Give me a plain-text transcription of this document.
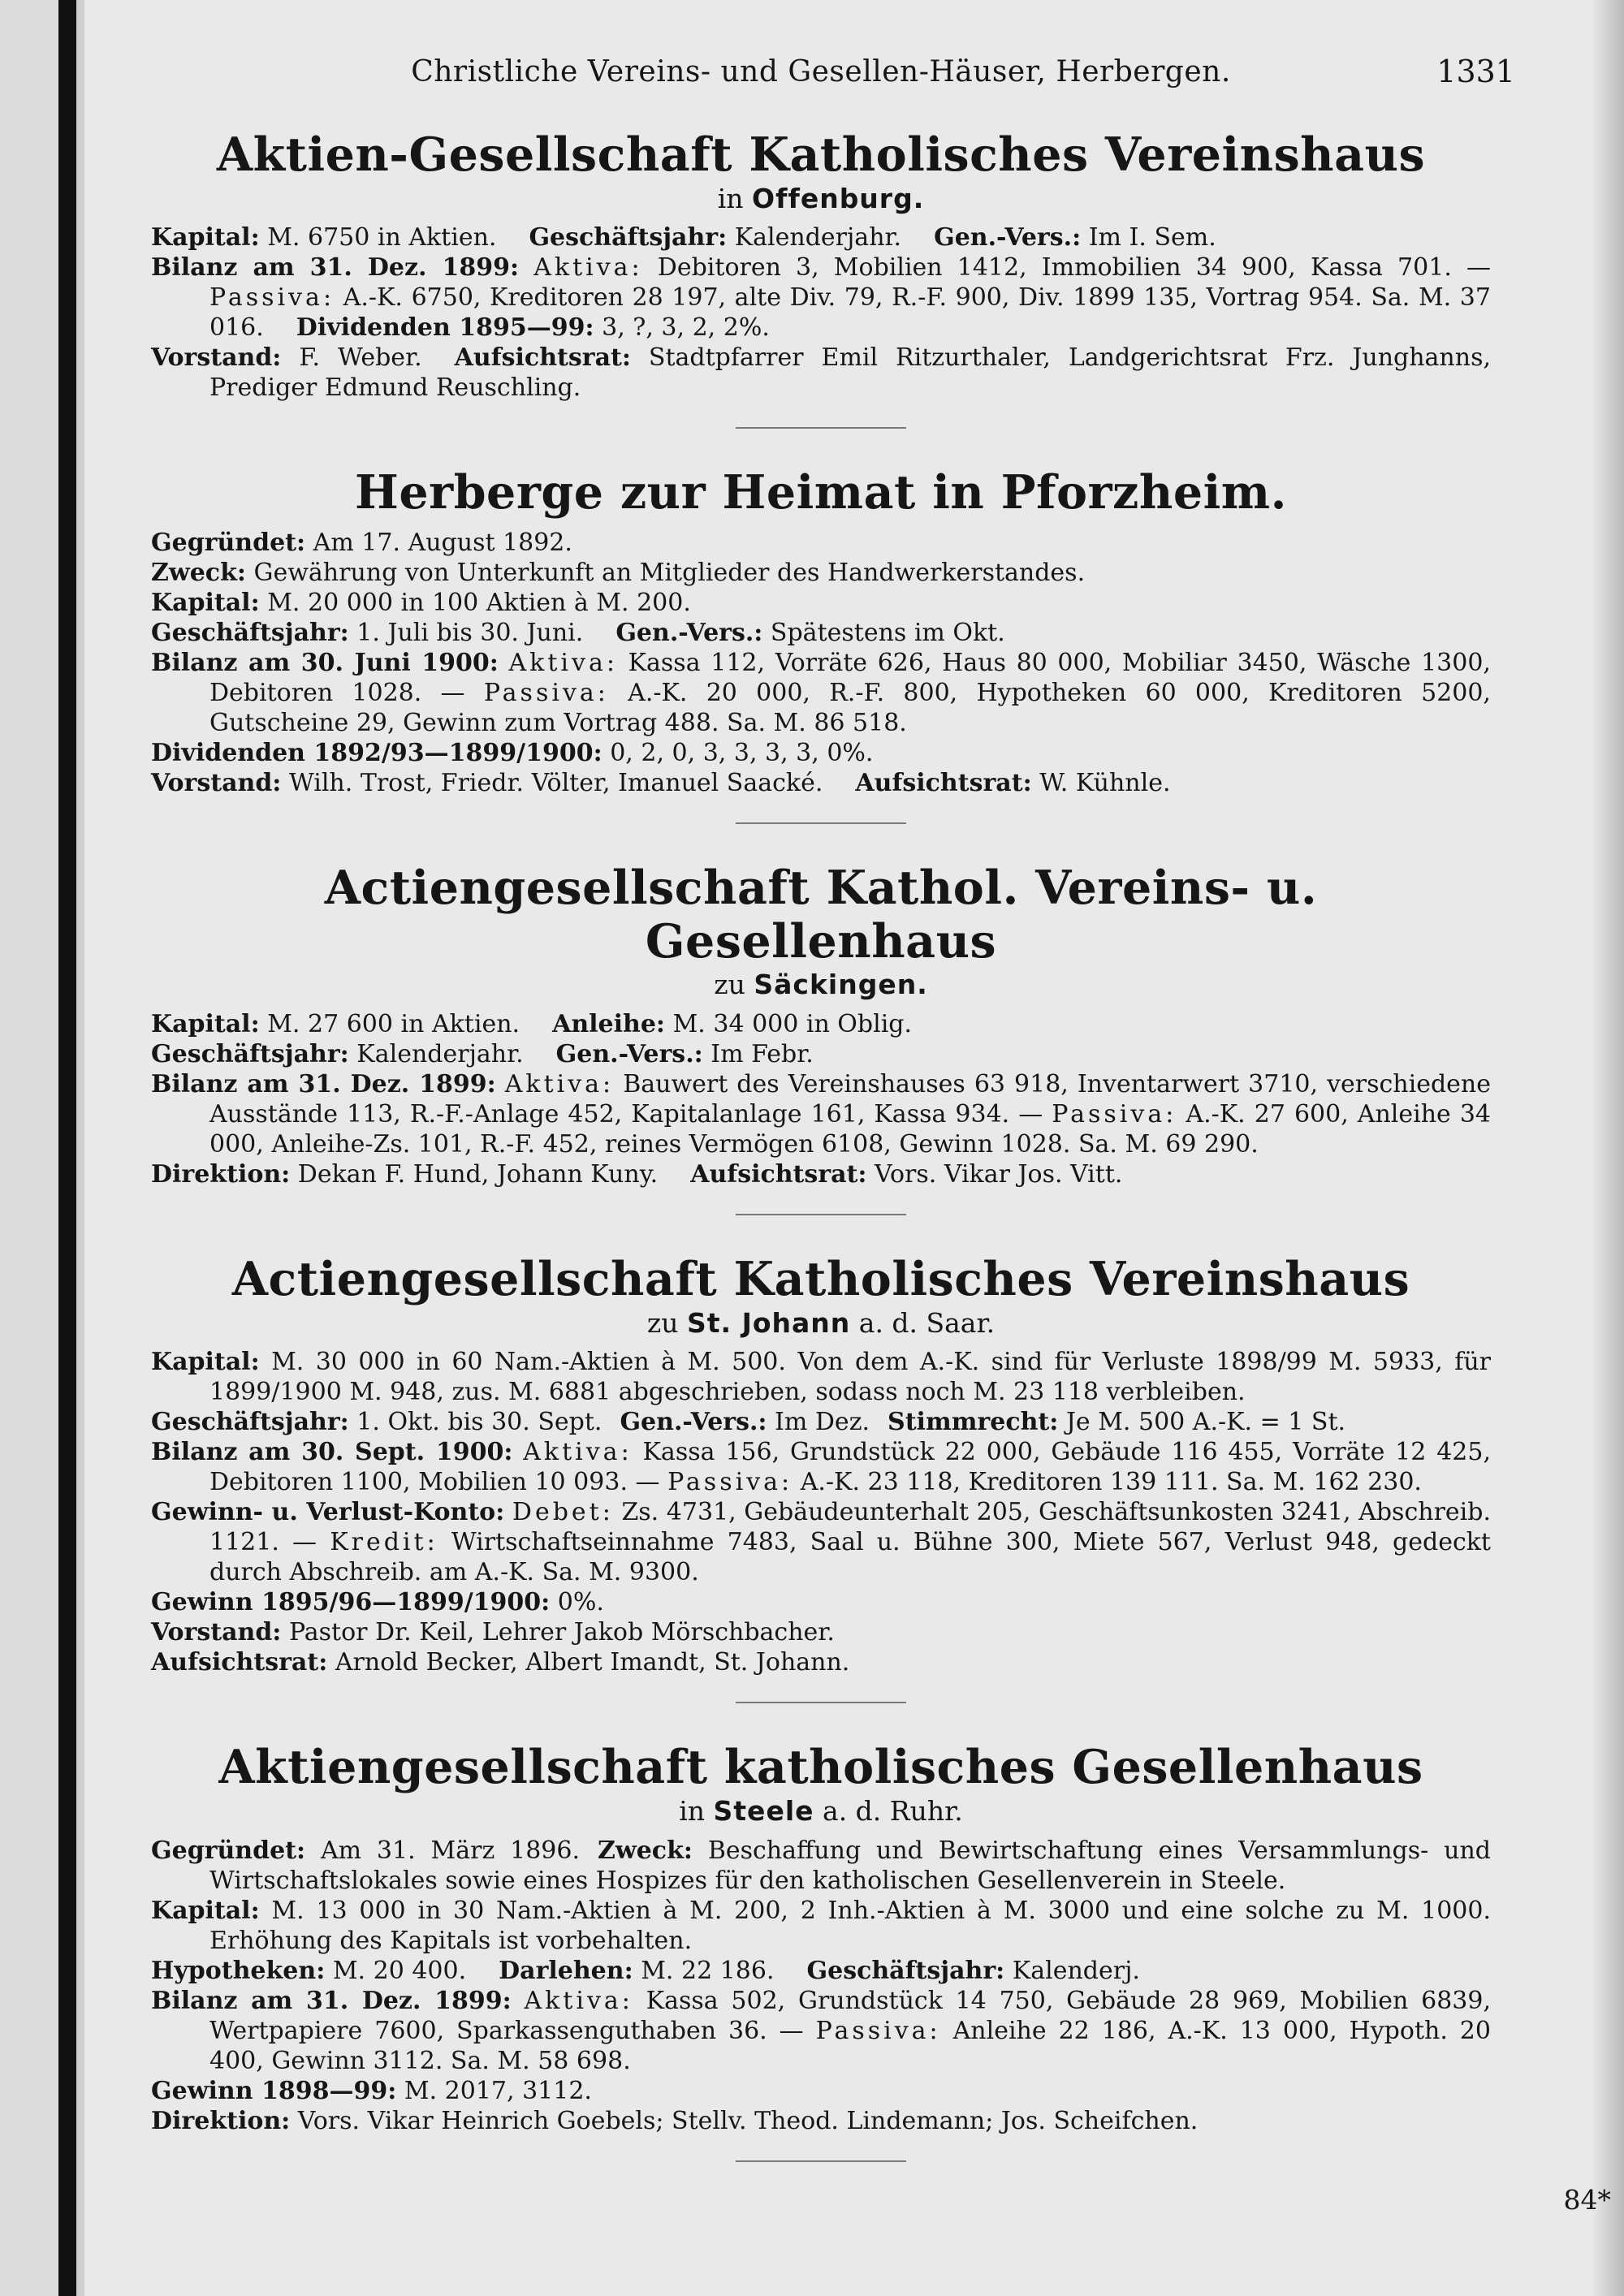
Christliche Vereins- und Gesellen-Häuser, Herbergen.	1331
Aktien-Gesellschaft Katholisches Vereinshaus

in Offenburg.

Kapital: M. 6750 in Aktien. Geschäftsjahr: Kalenderjahr. Gen.-Vers.: Im I. Sem.

Bilanz am 31. Dez. 1899: Aktiva: Debitoren 3, Mobilien 1412, Immobilien 34 900, Kassa 701. — Passiva: A.-K. 6750, Kreditoren 28 197, alte Div. 79, R.-F. 900, Div. 1899 135, Vortrag 954. Sa. M. 37 016. Dividenden 1895—99: 3, ?, 3, 2, 2%.

Vorstand: F. Weber. Aufsichtsrat: Stadtpfarrer Emil Ritzurthaler, Landgerichtsrat Frz. Junghanns, Prediger Edmund Reuschling.

Herberge zur Heimat in Pforzheim.

Gegründet: Am 17. August 1892.

Zweck: Gewährung von Unterkunft an Mitglieder des Handwerkerstandes.

Kapital: M. 20 000 in 100 Aktien à M. 200.

Geschäftsjahr: 1. Juli bis 30. Juni. Gen.-Vers.: Spätestens im Okt.

Bilanz am 30. Juni 1900: Aktiva: Kassa 112, Vorräte 626, Haus 80 000, Mobiliar 3450, Wäsche 1300, Debitoren 1028. — Passiva: A.-K. 20 000, R.-F. 800, Hypotheken 60 000, Kreditoren 5200, Gutscheine 29, Gewinn zum Vortrag 488. Sa. M. 86 518.

Dividenden 1892/93—1899/1900: 0, 2, 0, 3, 3, 3, 3, 0%.

Vorstand: Wilh. Trost, Friedr. Völter, Imanuel Saacké. Aufsichtsrat: W. Kühnle.

Actiengesellschaft Kathol. Vereins- u. Gesellenhaus

zu Säckingen.

Kapital: M. 27 600 in Aktien. Anleihe: M. 34 000 in Oblig.

Geschäftsjahr: Kalenderjahr. Gen.-Vers.: Im Febr.

Bilanz am 31. Dez. 1899: Aktiva: Bauwert des Vereinshauses 63 918, Inventarwert 3710, verschiedene Ausstände 113, R.-F.-Anlage 452, Kapitalanlage 161, Kassa 934. — Passiva: A.-K. 27 600, Anleihe 34 000, Anleihe-Zs. 101, R.-F. 452, reines Vermögen 6108, Gewinn 1028. Sa. M. 69 290.

Direktion: Dekan F. Hund, Johann Kuny. Aufsichtsrat: Vors. Vikar Jos. Vitt.

Actiengesellschaft Katholisches Vereinshaus

zu St. Johann a. d. Saar.

Kapital: M. 30 000 in 60 Nam.-Aktien à M. 500. Von dem A.-K. sind für Verluste 1898/99 M. 5933, für 1899/1900 M. 948, zus. M. 6881 abgeschrieben, sodass noch M. 23 118 verbleiben.

Geschäftsjahr: 1. Okt. bis 30. Sept. Gen.-Vers.: Im Dez. Stimmrecht: Je M. 500 A.-K. = 1 St.

Bilanz am 30. Sept. 1900: Aktiva: Kassa 156, Grundstück 22 000, Gebäude 116 455, Vorräte 12 425, Debitoren 1100, Mobilien 10 093. — Passiva: A.-K. 23 118, Kreditoren 139 111. Sa. M. 162 230.

Gewinn- u. Verlust-Konto: Debet: Zs. 4731, Gebäudeunterhalt 205, Geschäftsunkosten 3241, Abschreib. 1121. — Kredit: Wirtschaftseinnahme 7483, Saal u. Bühne 300, Miete 567, Verlust 948, gedeckt durch Abschreib. am A.-K. Sa. M. 9300.

Gewinn 1895/96—1899/1900: 0%.

Vorstand: Pastor Dr. Keil, Lehrer Jakob Mörschbacher.

Aufsichtsrat: Arnold Becker, Albert Imandt, St. Johann.

Aktiengesellschaft katholisches Gesellenhaus

in Steele a. d. Ruhr.

Gegründet: Am 31. März 1896. Zweck: Beschaffung und Bewirtschaftung eines Versammlungs- und Wirtschaftslokales sowie eines Hospizes für den katholischen Gesellenverein in Steele.

Kapital: M. 13 000 in 30 Nam.-Aktien à M. 200, 2 Inh.-Aktien à M. 3000 und eine solche zu M. 1000. Erhöhung des Kapitals ist vorbehalten.

Hypotheken: M. 20 400. Darlehen: M. 22 186. Geschäftsjahr: Kalenderj.

Bilanz am 31. Dez. 1899: Aktiva: Kassa 502, Grundstück 14 750, Gebäude 28 969, Mobilien 6839, Wertpapiere 7600, Sparkassenguthaben 36. — Passiva: Anleihe 22 186, A.-K. 13 000, Hypoth. 20 400, Gewinn 3112. Sa. M. 58 698.

Gewinn 1898—99: M. 2017, 3112.

Direktion: Vors. Vikar Heinrich Goebels; Stellv. Theod. Lindemann; Jos. Scheifchen.

84*
